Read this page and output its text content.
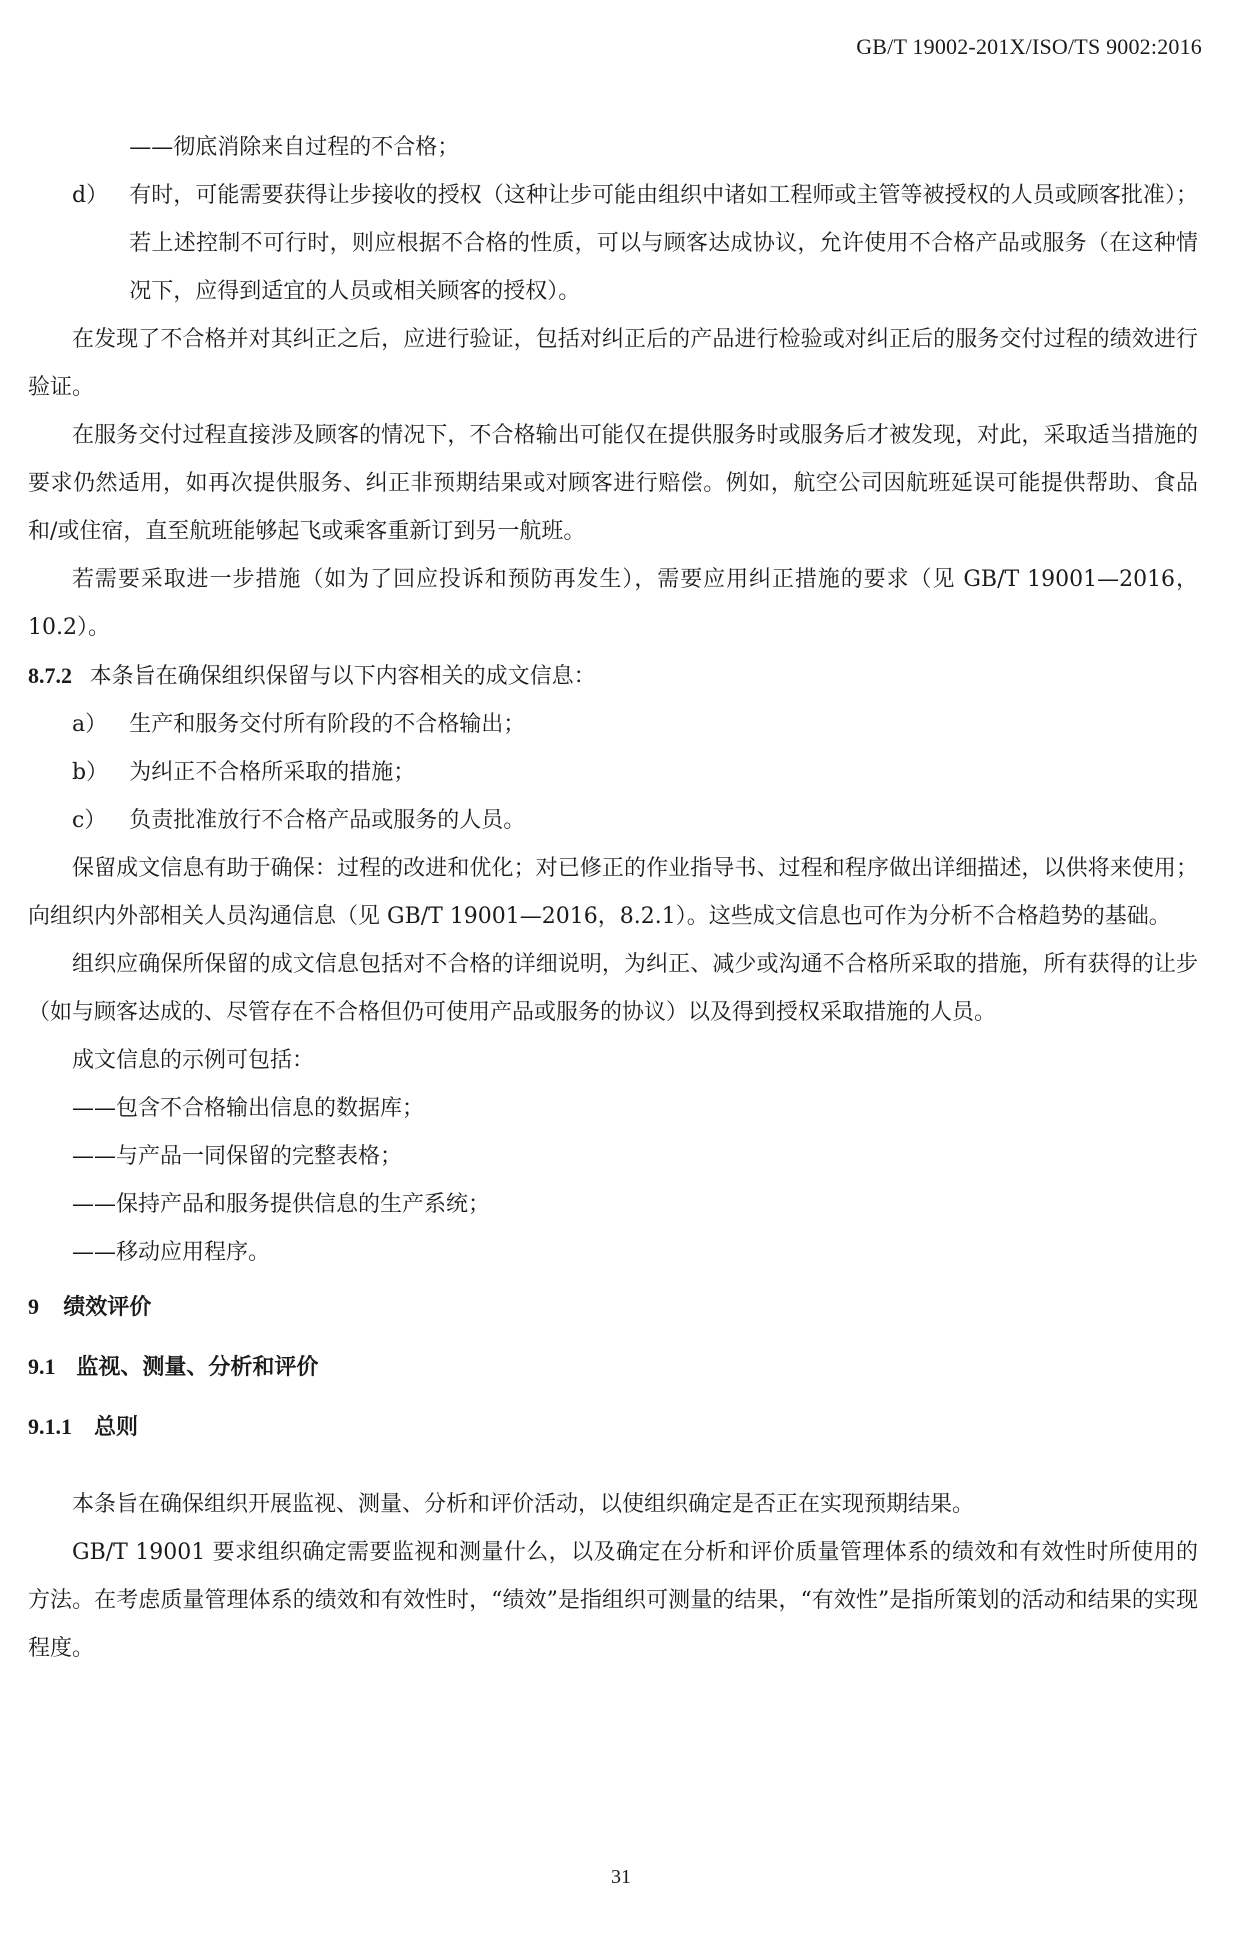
GB/T 19002-201X/ISO/TS 9002:2016

——彻底消除来自过程的不合格；

d） 有时，可能需要获得让步接收的授权（这种让步可能由组织中诸如工程师或主管等被授权的人员或顾客批准）；若上述控制不可行时，则应根据不合格的性质，可以与顾客达成协议，允许使用不合格产品或服务（在这种情况下，应得到适宜的人员或相关顾客的授权）。

在发现了不合格并对其纠正之后，应进行验证，包括对纠正后的产品进行检验或对纠正后的服务交付过程的绩效进行验证。

在服务交付过程直接涉及顾客的情况下，不合格输出可能仅在提供服务时或服务后才被发现，对此，采取适当措施的要求仍然适用，如再次提供服务、纠正非预期结果或对顾客进行赔偿。例如，航空公司因航班延误可能提供帮助、食品和/或住宿，直至航班能够起飞或乘客重新订到另一航班。

若需要采取进一步措施（如为了回应投诉和预防再发生），需要应用纠正措施的要求（见 GB/T 19001—2016，10.2）。

8.7.2 本条旨在确保组织保留与以下内容相关的成文信息：

a） 生产和服务交付所有阶段的不合格输出；

b） 为纠正不合格所采取的措施；

c） 负责批准放行不合格产品或服务的人员。

保留成文信息有助于确保：过程的改进和优化；对已修正的作业指导书、过程和程序做出详细描述，以供将来使用；向组织内外部相关人员沟通信息（见 GB/T 19001—2016，8.2.1）。这些成文信息也可作为分析不合格趋势的基础。

组织应确保所保留的成文信息包括对不合格的详细说明，为纠正、减少或沟通不合格所采取的措施，所有获得的让步（如与顾客达成的、尽管存在不合格但仍可使用产品或服务的协议）以及得到授权采取措施的人员。

成文信息的示例可包括：

——包含不合格输出信息的数据库；

——与产品一同保留的完整表格；

——保持产品和服务提供信息的生产系统；

——移动应用程序。

9 绩效评价

9.1 监视、测量、分析和评价

9.1.1 总则

本条旨在确保组织开展监视、测量、分析和评价活动，以使组织确定是否正在实现预期结果。

GB/T 19001 要求组织确定需要监视和测量什么，以及确定在分析和评价质量管理体系的绩效和有效性时所使用的方法。在考虑质量管理体系的绩效和有效性时，“绩效”是指组织可测量的结果，“有效性”是指所策划的活动和结果的实现程度。

31
